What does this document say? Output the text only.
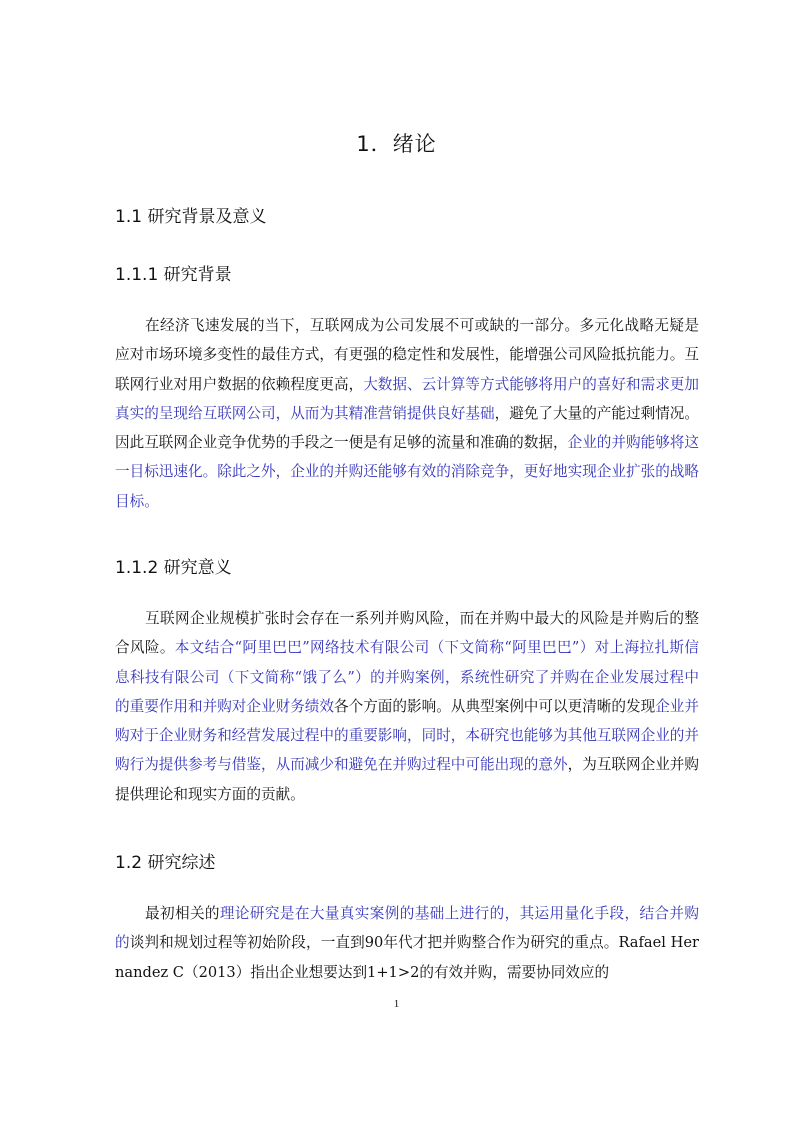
1．绪论
1.1 研究背景及意义
1.1.1 研究背景

在经济飞速发展的当下，互联网成为公司发展不可或缺的一部分。多元化战略无疑是应对市场环境多变性的最佳方式，有更强的稳定性和发展性，能增强公司风险抵抗能力。互联网行业对用户数据的依赖程度更高，大数据、云计算等方式能够将用户的喜好和需求更加真实的呈现给互联网公司，从而为其精准营销提供良好基础，避免了大量的产能过剩情况。因此互联网企业竞争优势的手段之一便是有足够的流量和准确的数据，企业的并购能够将这一目标迅速化。除此之外，企业的并购还能够有效的消除竞争，更好地实现企业扩张的战略目标。

1.1.2 研究意义

互联网企业规模扩张时会存在一系列并购风险，而在并购中最大的风险是并购后的整合风险。本文结合“阿里巴巴”网络技术有限公司（下文简称“阿里巴巴”）对上海拉扎斯信息科技有限公司（下文简称“饿了么”）的并购案例，系统性研究了并购在企业发展过程中的重要作用和并购对企业财务绩效各个方面的影响。从典型案例中可以更清晰的发现企业并购对于企业财务和经营发展过程中的重要影响，同时，本研究也能够为其他互联网企业的并购行为提供参考与借鉴，从而减少和避免在并购过程中可能出现的意外，为互联网企业并购提供理论和现实方面的贡献。

1.2 研究综述

最初相关的理论研究是在大量真实案例的基础上进行的，其运用量化手段，结合并购的谈判和规划过程等初始阶段，一直到90年代才把并购整合作为研究的重点。Rafael Hernandez C（2013）指出企业想要达到1+1>2的有效并购，需要协同效应的

1
